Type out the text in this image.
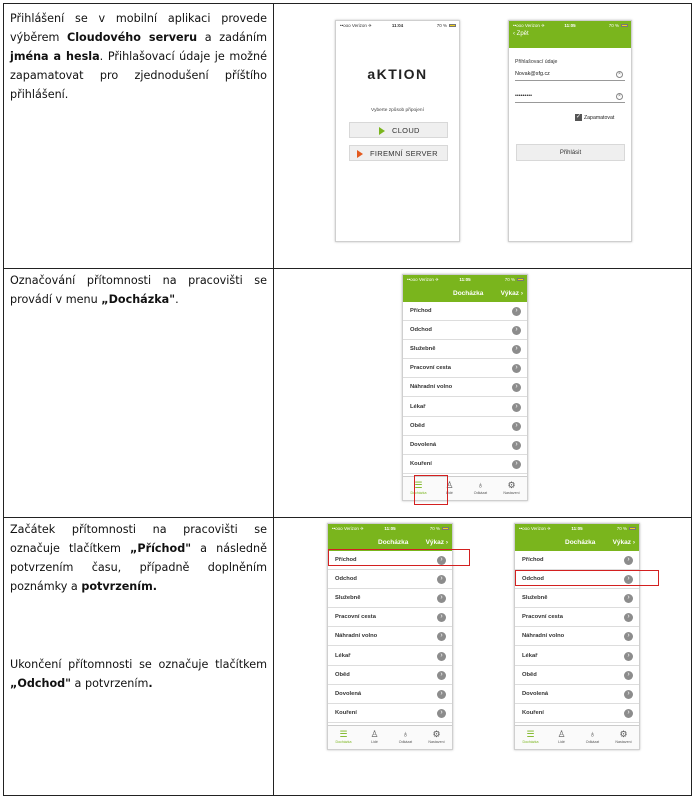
Přihlášení se v mobilní aplikaci provede výběrem Cloudového serveru a zadáním jména a hesla. Přihlašovací údaje je možné zapamatovat pro zjednodušení příštího přihlášení.
••ooo Verizon ✈	11:04	70 %
aKTION
Vyberte způsob připojení
CLOUD
FIREMNÍ SERVER
••ooo Verizon ✈	11:05	70 %
‹ Zpět
Přihlašovací údaje
Novak@sfg.cz	×
•••••••••	×
✓ Zapamatovat
Přihlásit
Označování přítomnosti na pracovišti se provádí v menu „Docházka".
••ooo Verizon ✈	11:05	70 %
Docházka	Výkaz ›
Příchod	›
Odchod	›
Služebně	›
Pracovní cesta	›
Náhradní volno	›
Lékař	›
Oběd	›
Dovolená	›
Kouření	›
☰
Docházka
♙
Lidé
♁
Odkázat
⚙
Nastavení
Začátek přítomnosti na pracovišti se označuje tlačítkem „Příchod" a následně potvrzením času, případně doplněním poznámky a potvrzením.
Ukončení přítomnosti se označuje tlačítkem „Odchod" a potvrzením.
••ooo Verizon ✈	11:05	70 %
Docházka	Výkaz ›
Příchod	›
Odchod	›
Služebně	›
Pracovní cesta	›
Náhradní volno	›
Lékař	›
Oběd	›
Dovolená	›
Kouření	›
☰
Docházka
♙
Lidé
♁
Odkázat
⚙
Nastavení
••ooo Verizon ✈	11:05	70 %
Docházka	Výkaz ›
Příchod	›
Odchod	›
Služebně	›
Pracovní cesta	›
Náhradní volno	›
Lékař	›
Oběd	›
Dovolená	›
Kouření	›
☰
Docházka
♙
Lidé
♁
Odkázat
⚙
Nastavení
